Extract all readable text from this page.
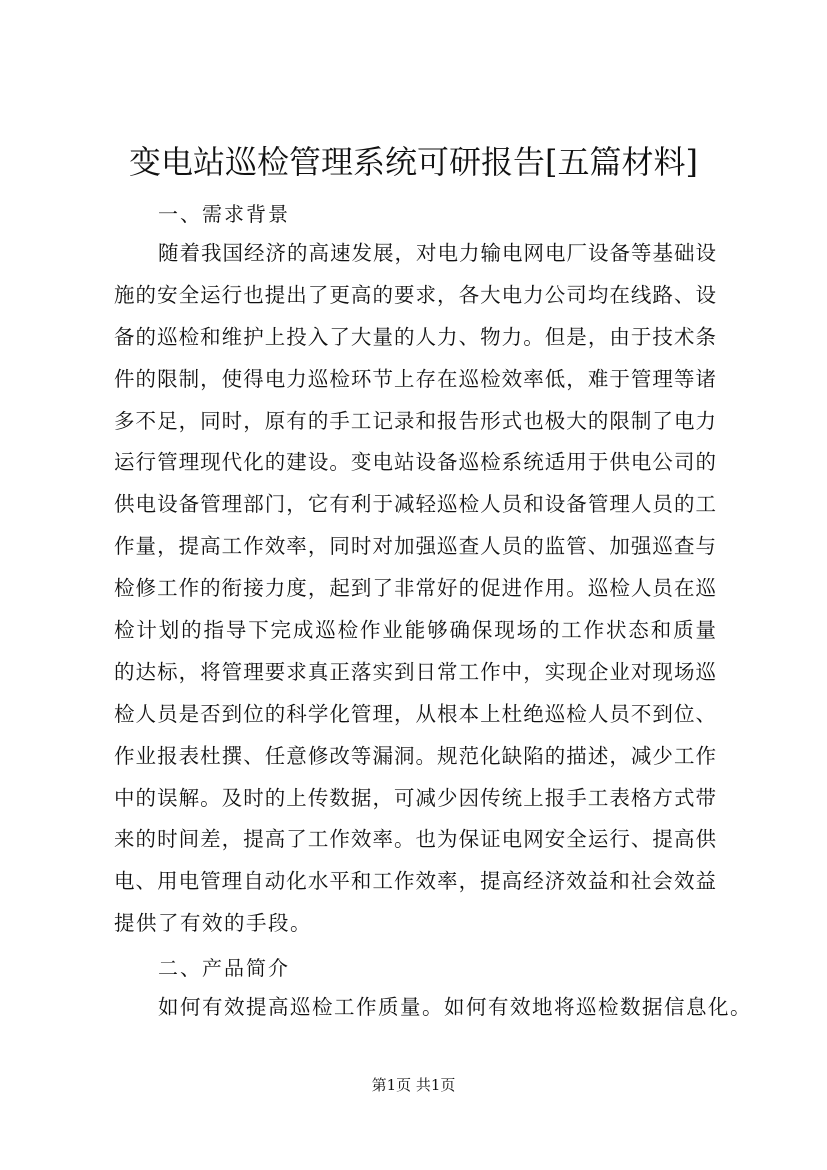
变电站巡检管理系统可研报告[五篇材料]
一、需求背景
随着我国经济的高速发展，对电力输电网电厂设备等基础设
施的安全运行也提出了更高的要求，各大电力公司均在线路、设
备的巡检和维护上投入了大量的人力、物力。但是，由于技术条
件的限制，使得电力巡检环节上存在巡检效率低，难于管理等诸
多不足，同时，原有的手工记录和报告形式也极大的限制了电力
运行管理现代化的建设。变电站设备巡检系统适用于供电公司的
供电设备管理部门，它有利于减轻巡检人员和设备管理人员的工
作量，提高工作效率，同时对加强巡查人员的监管、加强巡查与
检修工作的衔接力度，起到了非常好的促进作用。巡检人员在巡
检计划的指导下完成巡检作业能够确保现场的工作状态和质量
的达标，将管理要求真正落实到日常工作中，实现企业对现场巡
检人员是否到位的科学化管理，从根本上杜绝巡检人员不到位、
作业报表杜撰、任意修改等漏洞。规范化缺陷的描述，减少工作
中的误解。及时的上传数据，可减少因传统上报手工表格方式带
来的时间差，提高了工作效率。也为保证电网安全运行、提高供
电、用电管理自动化水平和工作效率，提高经济效益和社会效益
提供了有效的手段。
二、产品简介
如何有效提高巡检工作质量。如何有效地将巡检数据信息化。
第1页 共1页
